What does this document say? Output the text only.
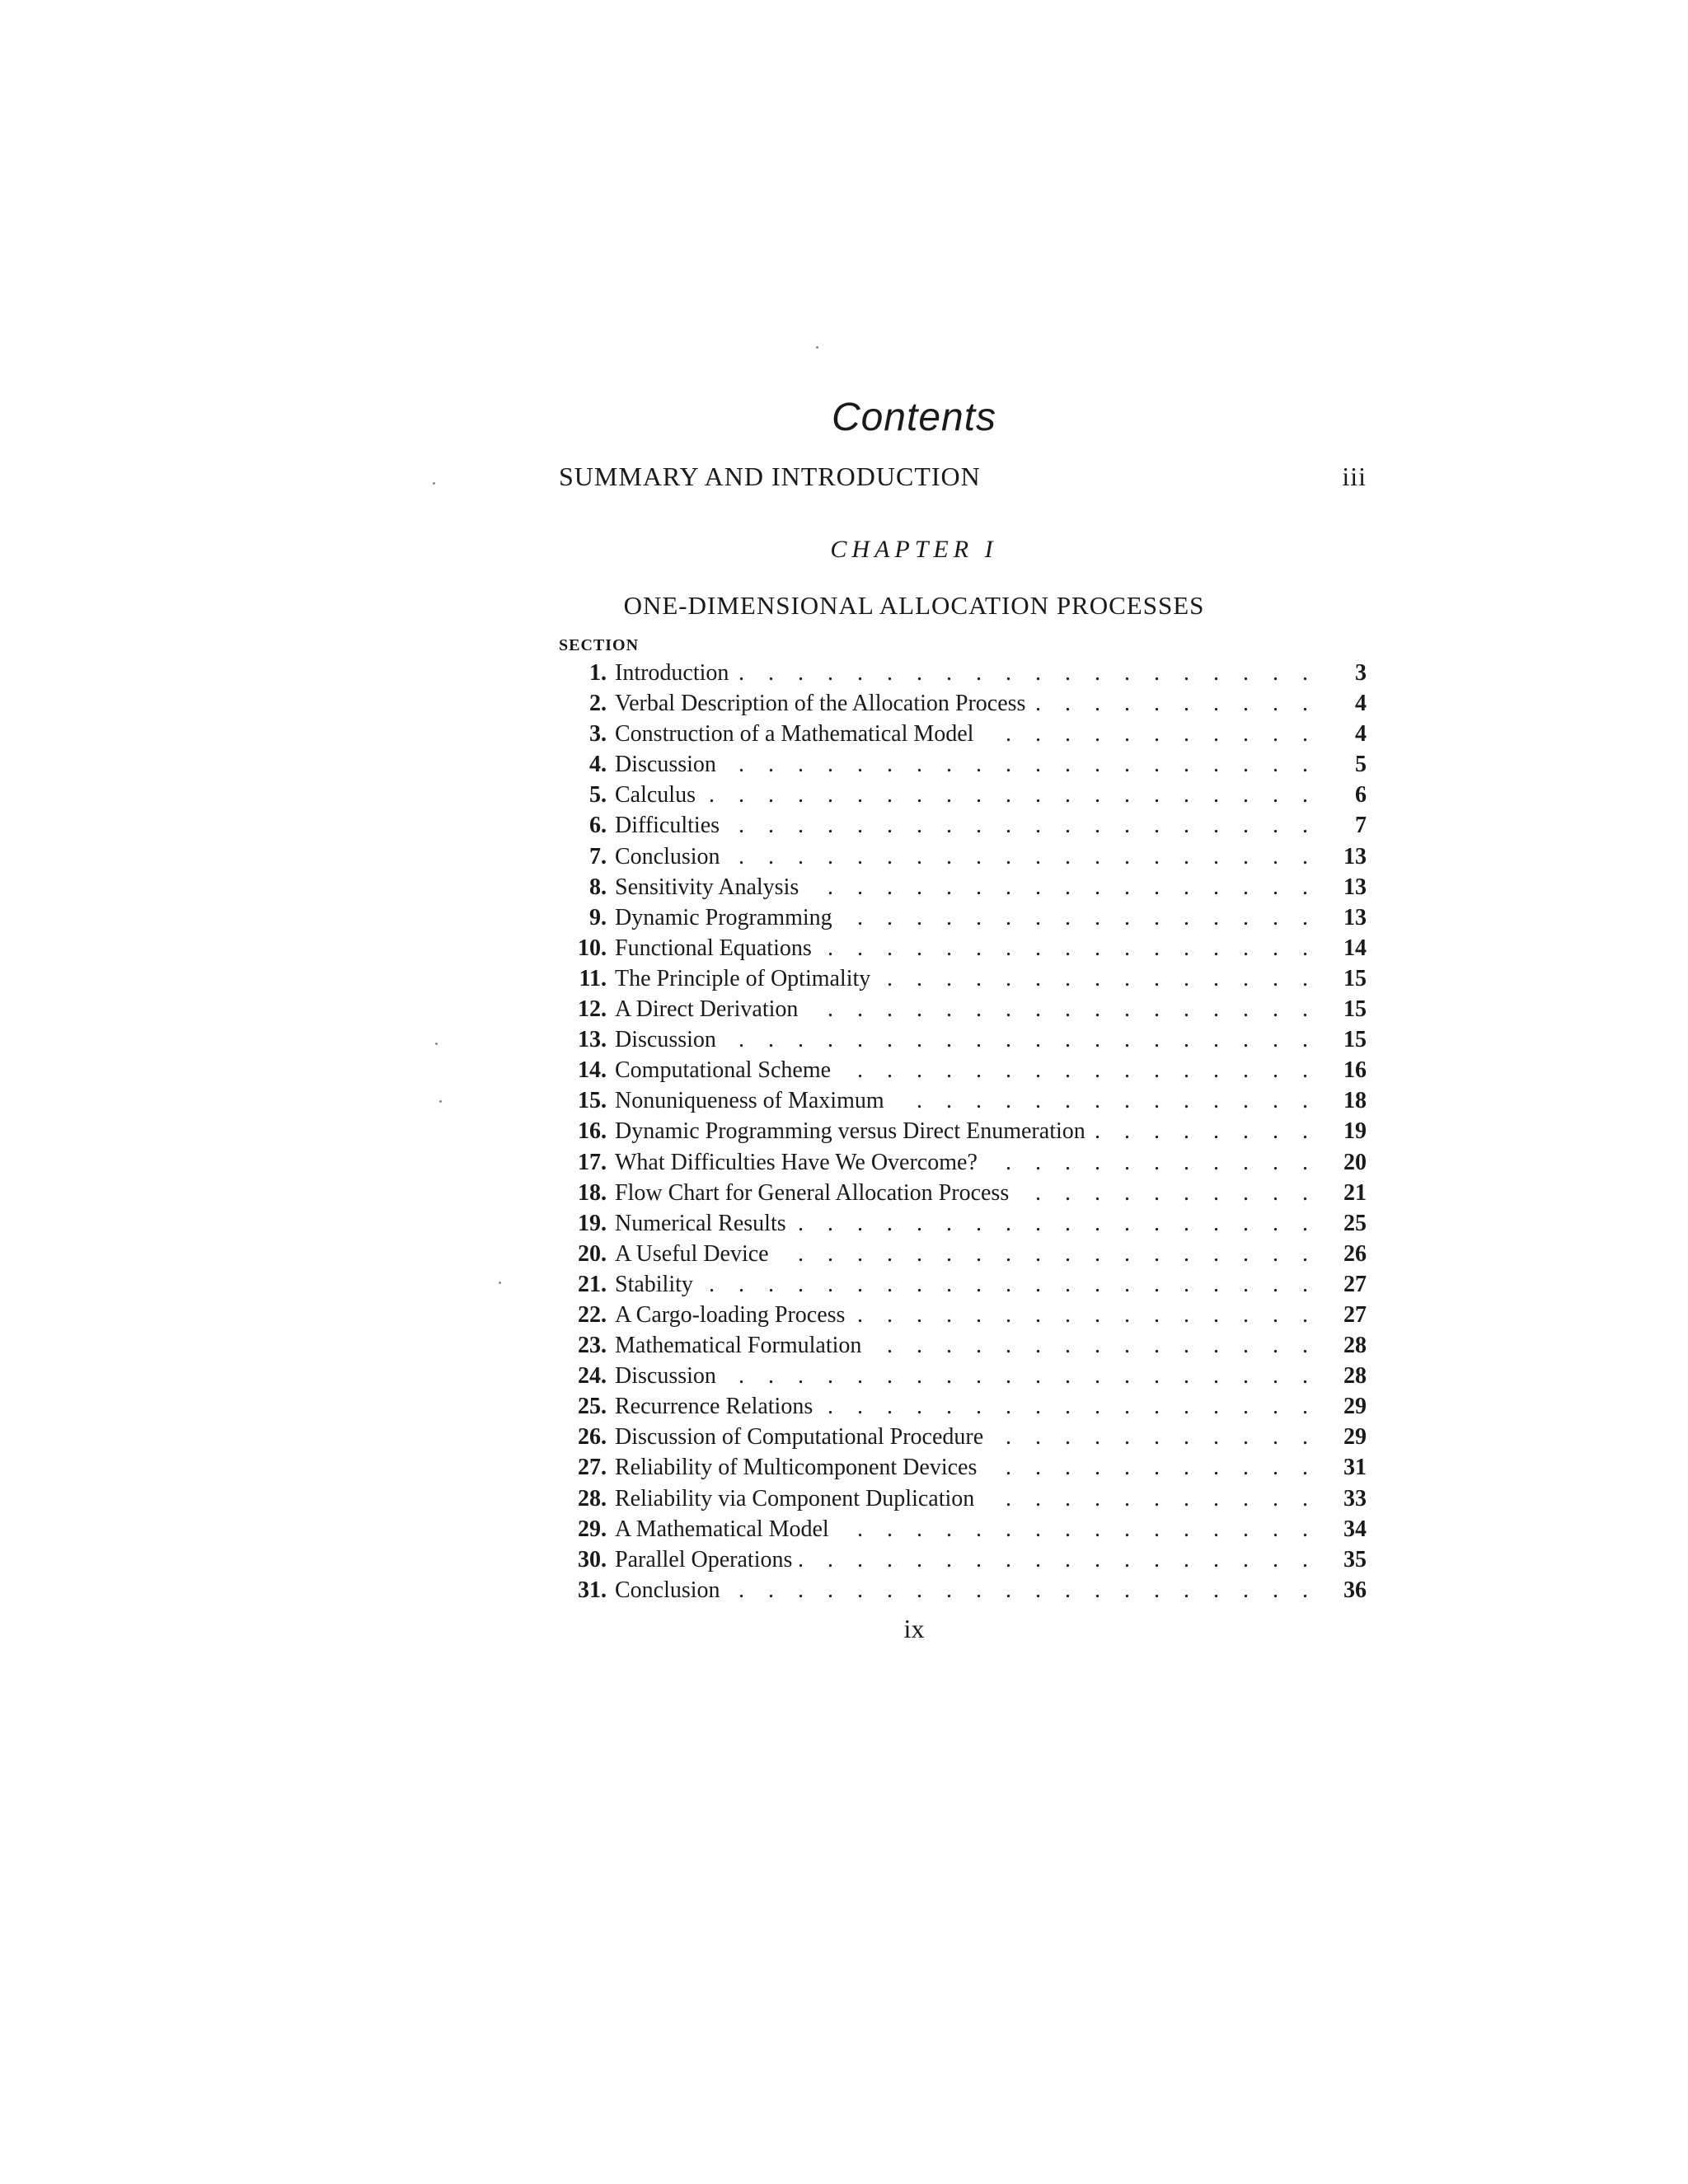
Contents
SUMMARY AND INTRODUCTION	iii
CHAPTER I
ONE-DIMENSIONAL ALLOCATION PROCESSES
SECTION
1. Introduction . . .	3
2. Verbal Description of the Allocation Process . . .	4
3. Construction of a Mathematical Model . . .	4
4. Discussion . . .	5
5. Calculus . . .	6
6. Difficulties . . .	7
7. Conclusion . . .	13
8. Sensitivity Analysis . . .	13
9. Dynamic Programming . . .	13
10. Functional Equations . . .	14
11. The Principle of Optimality . . .	15
12. A Direct Derivation . . .	15
13. Discussion . . .	15
14. Computational Scheme . . .	16
15. Nonuniqueness of Maximum . . .	18
16. Dynamic Programming versus Direct Enumeration . . .	19
17. What Difficulties Have We Overcome? . . .	20
18. Flow Chart for General Allocation Process . . .	21
19. Numerical Results . . .	25
20. A Useful Device . . .	26
21. Stability . . .	27
22. A Cargo-loading Process . . .	27
23. Mathematical Formulation . . .	28
24. Discussion . . .	28
25. Recurrence Relations . . .	29
26. Discussion of Computational Procedure . . .	29
27. Reliability of Multicomponent Devices . . .	31
28. Reliability via Component Duplication . . .	33
29. A Mathematical Model . . .	34
30. Parallel Operations . . .	35
31. Conclusion . . .	36
ix
